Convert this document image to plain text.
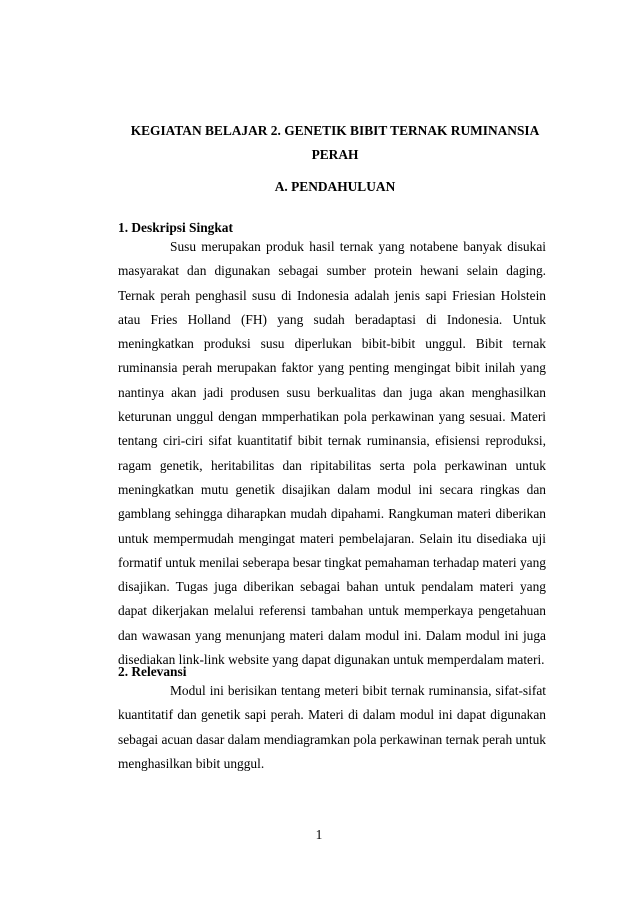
KEGIATAN BELAJAR 2. GENETIK BIBIT TERNAK RUMINANSIA PERAH
A. PENDAHULUAN
1. Deskripsi Singkat

Susu merupakan produk hasil ternak yang notabene banyak disukai masyarakat dan digunakan sebagai sumber protein hewani selain daging. Ternak perah penghasil susu di Indonesia adalah jenis sapi Friesian Holstein atau Fries Holland (FH) yang sudah beradaptasi di Indonesia. Untuk meningkatkan produksi susu diperlukan bibit-bibit unggul. Bibit ternak ruminansia perah merupakan faktor yang penting mengingat bibit inilah yang nantinya akan jadi produsen susu berkualitas dan juga akan menghasilkan keturunan unggul dengan mmperhatikan pola perkawinan yang sesuai. Materi tentang ciri-ciri sifat kuantitatif bibit ternak ruminansia, efisiensi reproduksi, ragam genetik, heritabilitas dan ripitabilitas serta pola perkawinan untuk meningkatkan mutu genetik disajikan dalam modul ini secara ringkas dan gamblang sehingga diharapkan mudah dipahami. Rangkuman materi diberikan untuk mempermudah mengingat materi pembelajaran. Selain itu disediaka uji formatif untuk menilai seberapa besar tingkat pemahaman terhadap materi yang disajikan. Tugas juga diberikan sebagai bahan untuk pendalam materi yang dapat dikerjakan melalui referensi tambahan untuk memperkaya pengetahuan dan wawasan yang menunjang materi dalam modul ini. Dalam modul ini juga disediakan link-link website yang dapat digunakan untuk memperdalam materi.

2. Relevansi

Modul ini berisikan tentang meteri bibit ternak ruminansia, sifat-sifat kuantitatif dan genetik sapi perah. Materi di dalam modul ini dapat digunakan sebagai acuan dasar dalam mendiagramkan pola perkawinan ternak perah untuk menghasilkan bibit unggul.

1
